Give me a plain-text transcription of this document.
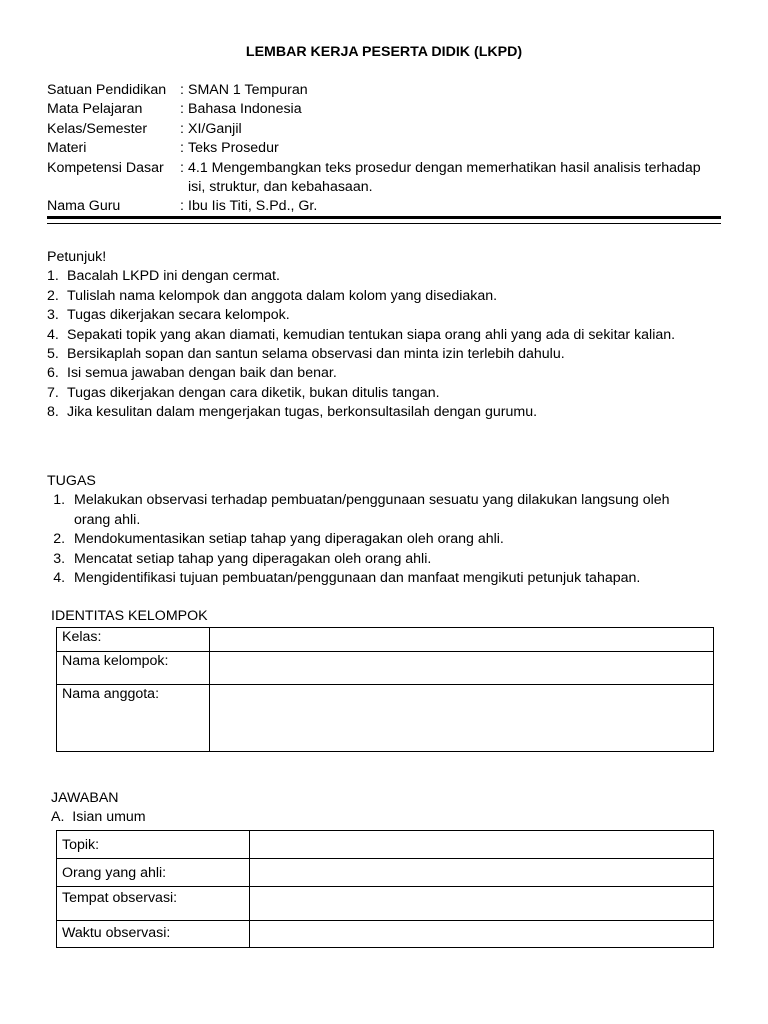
LEMBAR KERJA PESERTA DIDIK (LKPD)
Satuan Pendidikan : SMAN 1 Tempuran
Mata Pelajaran	: Bahasa Indonesia
Kelas/Semester	: XI/Ganjil
Materi	: Teks Prosedur
Kompetensi Dasar	: 4.1 Mengembangkan teks prosedur dengan memerhatikan hasil analisis terhadap isi, struktur, dan kebahasaan.
Nama Guru	: Ibu Iis Titi, S.Pd., Gr.
Petunjuk!
1. Bacalah LKPD ini dengan cermat.
2. Tulislah nama kelompok dan anggota dalam kolom yang disediakan.
3. Tugas dikerjakan secara kelompok.
4. Sepakati topik yang akan diamati, kemudian tentukan siapa orang ahli yang ada di sekitar kalian.
5. Bersikaplah sopan dan santun selama observasi dan minta izin terlebih dahulu.
6. Isi semua jawaban dengan baik dan benar.
7. Tugas dikerjakan dengan cara diketik, bukan ditulis tangan.
8. Jika kesulitan dalam mengerjakan tugas, berkonsultasilah dengan gurumu.
TUGAS
1. Melakukan observasi terhadap pembuatan/penggunaan sesuatu yang dilakukan langsung oleh orang ahli.
2. Mendokumentasikan setiap tahap yang diperagakan oleh orang ahli.
3. Mencatat setiap tahap yang diperagakan oleh orang ahli.
4. Mengidentifikasi tujuan pembuatan/penggunaan dan manfaat mengikuti petunjuk tahapan.
IDENTITAS KELOMPOK
Kelas:	
Nama kelompok:	
Nama anggota:	
JAWABAN
A.  Isian umum
Topik:	
Orang yang ahli:	
Tempat observasi:	
Waktu observasi:	
